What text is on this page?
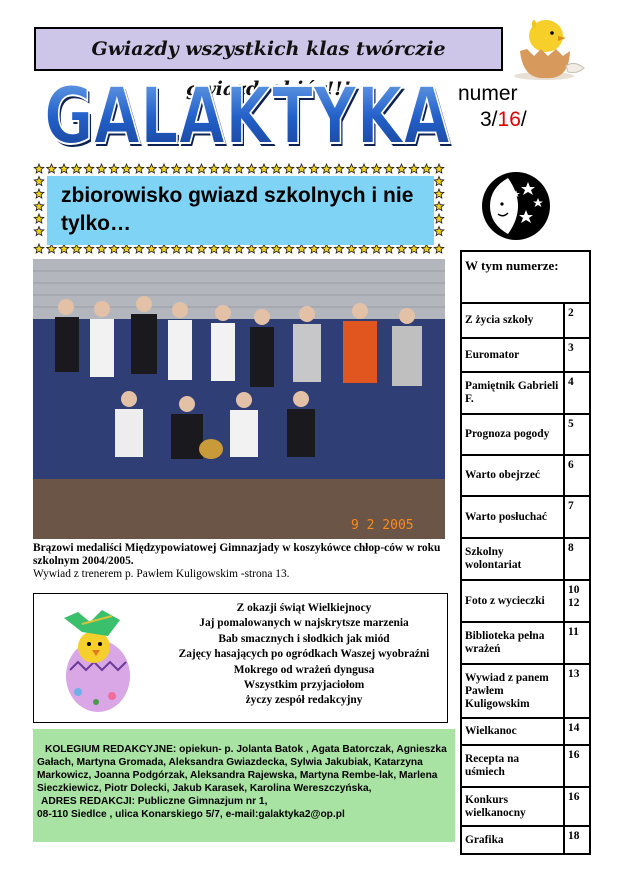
Gwiazdy wszystkich klas twórczie gwiazdozbiór!!!
GALAKTYKA
GALAKTYKA numer
3/16/
zbiorowisko gwiazd szkolnych i nie tylko…
9 2 2005
Brązowi medaliści Międzypowiatowej Gimnazjady w koszykówce chłop-ców w roku szkolnym 2004/2005.
Wywiad z trenerem p. Pawłem Kuligowskim -strona 13.
Z okazji świąt Wielkiejnocy
Jaj pomalowanych w najskrytsze marzenia
Bab smacznych i słodkich jak miód
Zajęcy hasających po ogródkach Waszej wyobraźni
Mokrego od wrażeń dyngusa
Wszystkim przyjaciołom
życzy zespół redakcyjny
KOLEGIUM REDAKCYJNE: opiekun- p. Jolanta Batok , Agata Batorczak, Agnieszka Gałach, Martyna Gromada, Aleksandra Gwiazdecka, Sylwia Jakubiak, Katarzyna Markowicz, Joanna Podgórzak, Aleksandra Rajewska, Martyna Rembe-lak, Marlena Sieczkiewicz, Piotr Dolecki, Jakub Karasek, Karolina Wereszczyńska,
ADRES REDAKCJI: Publiczne Gimnazjum nr 1,
08-110 Siedlce , ulica Konarskiego 5/7, e-mail:galaktyka2@op.pl
W tym numerze:	
Z życia szkoły	2
Euromator	3
Pamiętnik Gabrieli F.	4
Prognoza pogody	5
Warto obejrzeć	6
Warto posłuchać	7
Szkolny wolontariat	8
Foto z wycieczki	10 12
Biblioteka pełna wrażeń	11
Wywiad z panem Pawłem Kuligowskim	13
Wielkanoc	14
Recepta na uśmiech	16
Konkurs wielkanocny	16
Grafika	18
